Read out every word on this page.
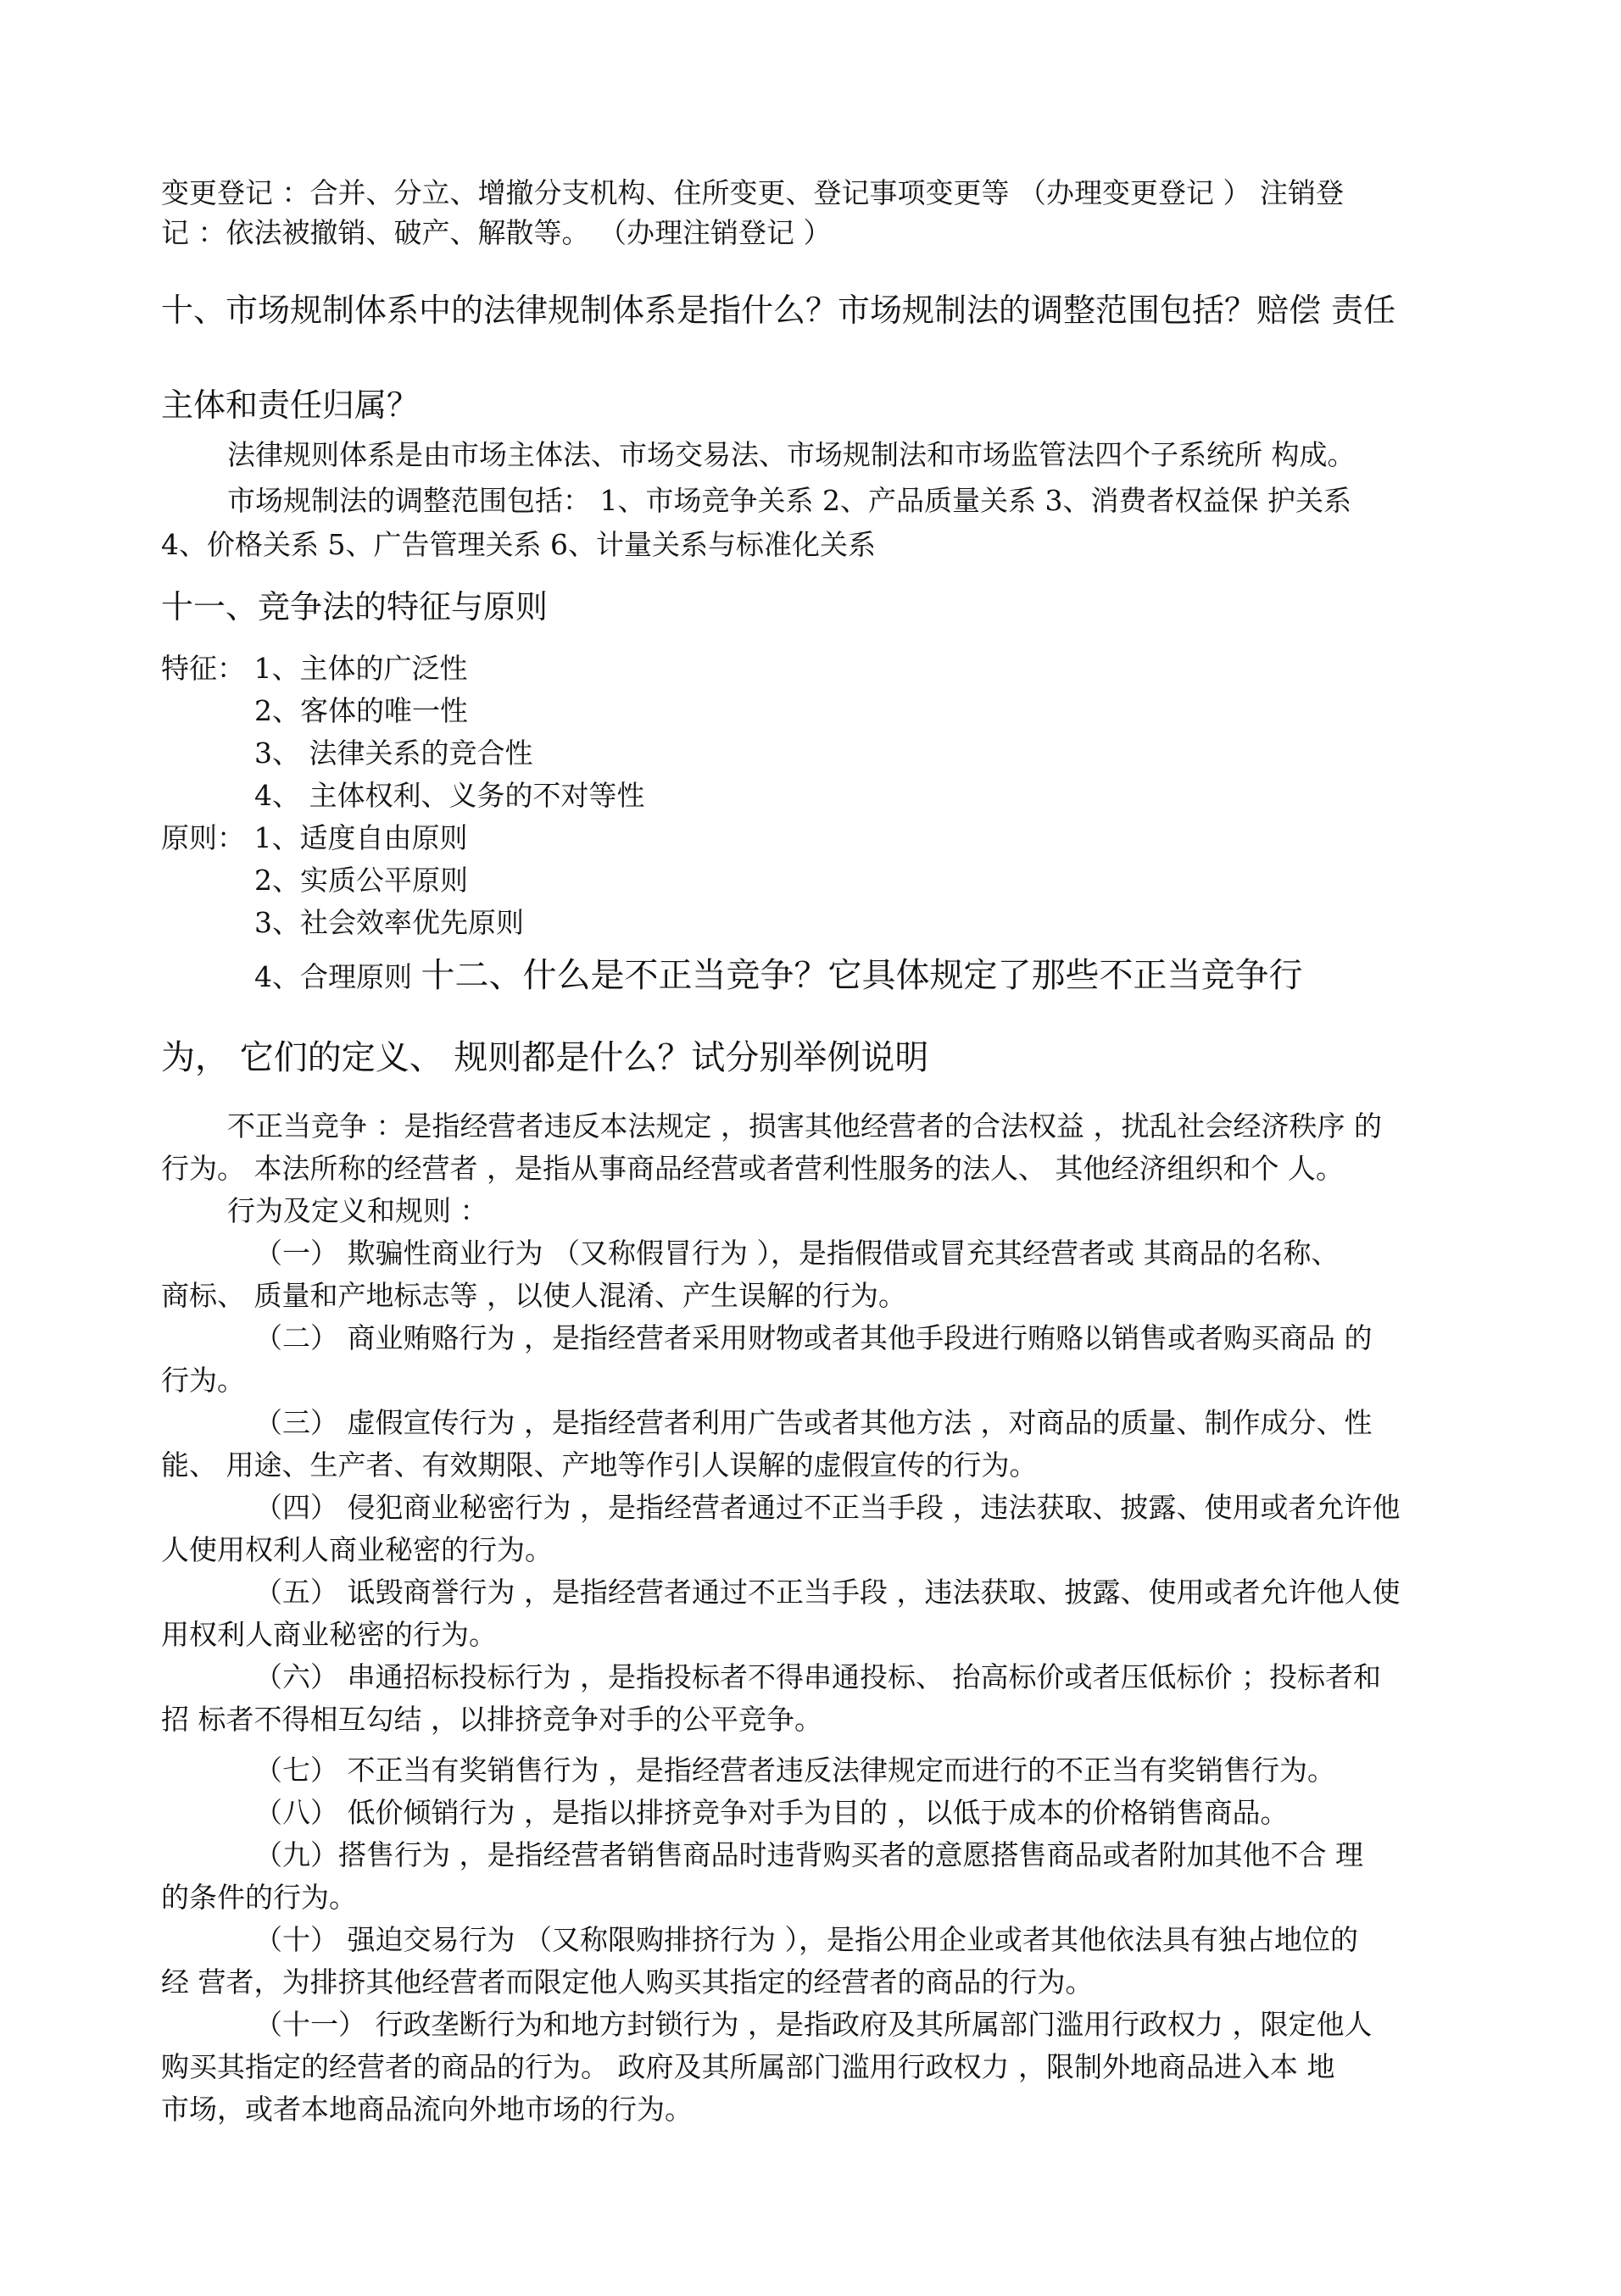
变更登记 ：合并、分立、增撤分支机构、住所变更、登记事项变更等 （办理变更登记 ） 注销登
记 ：依法被撤销、破产、解散等。 （办理注销登记 ）
十、市场规制体系中的法律规制体系是指什么？市场规制法的调整范围包括？赔偿 责任
主体和责任归属？
法律规则体系是由市场主体法、市场交易法、市场规制法和市场监管法四个子系统所 构成。
市场规制法的调整范围包括： 1、市场竞争关系 2、产品质量关系 3、消费者权益保 护关系
4、价格关系 5、广告管理关系 6、计量关系与标准化关系
十一、竞争法的特征与原则
特征： 1、主体的广泛性
2、客体的唯一性
3、 法律关系的竞合性
4、 主体权利、义务的不对等性
原则： 1、适度自由原则
2、实质公平原则
3、社会效率优先原则
4、合理原则 十二、什么是不正当竞争？它具体规定了那些不正当竞争行
为， 它们的定义、 规则都是什么？试分别举例说明
不正当竞争 ：是指经营者违反本法规定 ，损害其他经营者的合法权益 ，扰乱社会经济秩序 的
行为。 本法所称的经营者 ，是指从事商品经营或者营利性服务的法人、 其他经济组织和个 人。
行为及定义和规则 ：
（一） 欺骗性商业行为 （又称假冒行为 ），是指假借或冒充其经营者或 其商品的名称、
商标、 质量和产地标志等 ，以使人混淆、产生误解的行为。
（二） 商业贿赂行为 ，是指经营者采用财物或者其他手段进行贿赂以销售或者购买商品 的
行为。
（三） 虚假宣传行为 ，是指经营者利用广告或者其他方法 ，对商品的质量、制作成分、性
能、 用途、生产者、有效期限、产地等作引人误解的虚假宣传的行为。
（四） 侵犯商业秘密行为 ，是指经营者通过不正当手段 ，违法获取、披露、使用或者允许他
人使用权利人商业秘密的行为。
（五） 诋毁商誉行为 ，是指经营者通过不正当手段 ，违法获取、披露、使用或者允许他人使
用权利人商业秘密的行为。
（六） 串通招标投标行为 ，是指投标者不得串通投标、 抬高标价或者压低标价 ；投标者和
招 标者不得相互勾结 ，以排挤竞争对手的公平竞争。
（七） 不正当有奖销售行为 ，是指经营者违反法律规定而进行的不正当有奖销售行为。
（八） 低价倾销行为 ，是指以排挤竞争对手为目的 ，以低于成本的价格销售商品。
（九）搭售行为 ，是指经营者销售商品时违背购买者的意愿搭售商品或者附加其他不合 理
的条件的行为。
（十） 强迫交易行为 （又称限购排挤行为 ），是指公用企业或者其他依法具有独占地位的
经 营者，为排挤其他经营者而限定他人购买其指定的经营者的商品的行为。
（十一） 行政垄断行为和地方封锁行为 ，是指政府及其所属部门滥用行政权力 ，限定他人
购买其指定的经营者的商品的行为。 政府及其所属部门滥用行政权力 ，限制外地商品进入本 地
市场，或者本地商品流向外地市场的行为。
